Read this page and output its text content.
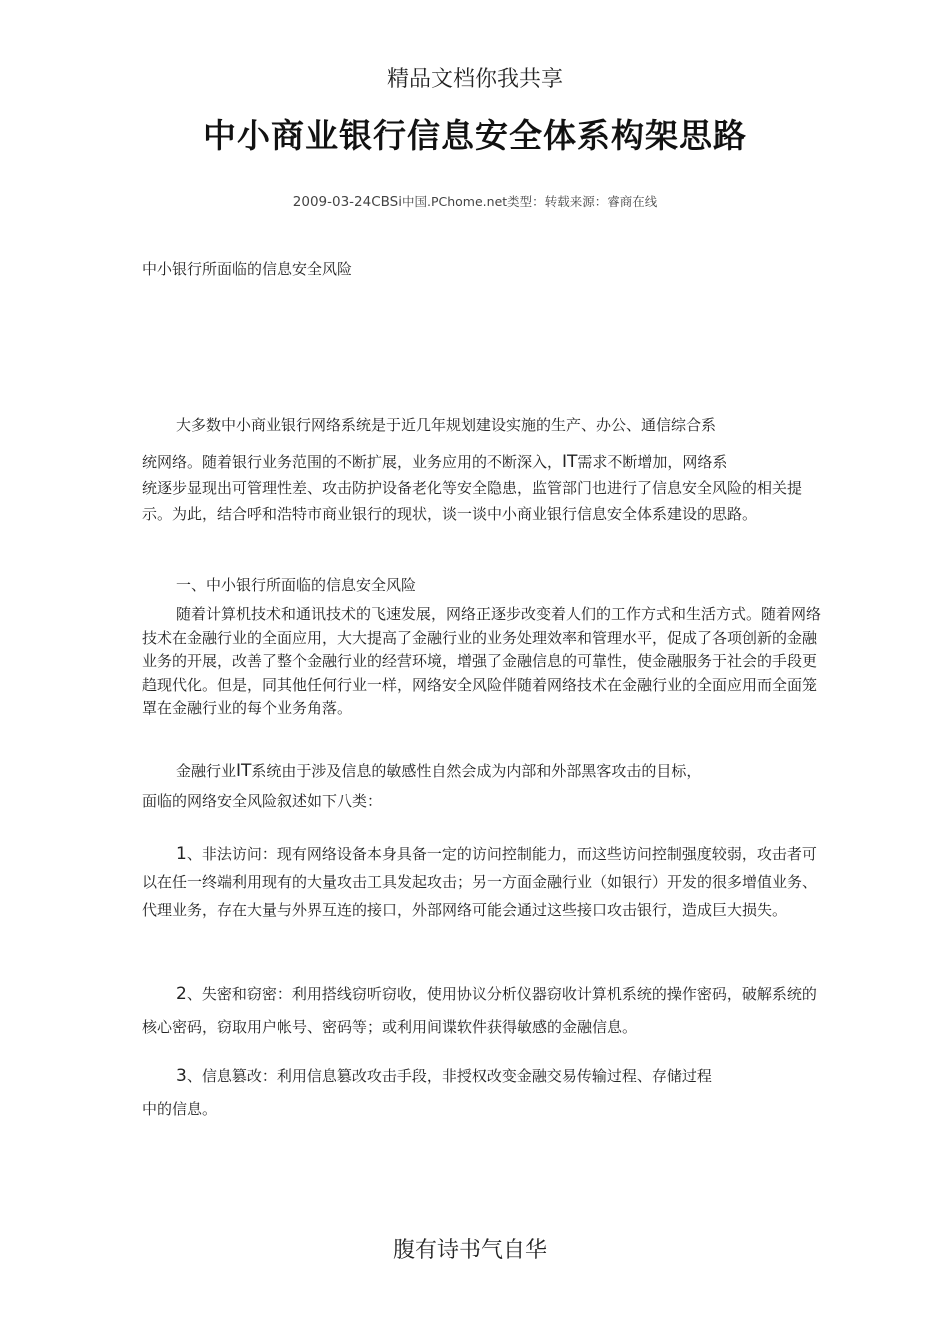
精品文档你我共享
中小商业银行信息安全体系构架思路
2009-03-24CBSi中国.PChome.net类型：转载来源：睿商在线

中小银行所面临的信息安全风险

大多数中小商业银行网络系统是于近几年规划建设实施的生产、办公、通信综合系

统网络。随着银行业务范围的不断扩展，业务应用的不断深入，IT需求不断增加，网络系

统逐步显现出可管理性差、攻击防护设备老化等安全隐患，监管部门也进行了信息安全风险的相关提示。为此，结合呼和浩特市商业银行的现状，谈一谈中小商业银行信息安全体系建设的思路。

一、中小银行所面临的信息安全风险

随着计算机技术和通讯技术的飞速发展，网络正逐步改变着人们的工作方式和生活方式。随着网络技术在金融行业的全面应用，大大提高了金融行业的业务处理效率和管理水平，促成了各项创新的金融业务的开展，改善了整个金融行业的经营环境，增强了金融信息的可靠性，使金融服务于社会的手段更趋现代化。但是，同其他任何行业一样，网络安全风险伴随着网络技术在金融行业的全面应用而全面笼罩在金融行业的每个业务角落。

金融行业IT系统由于涉及信息的敏感性自然会成为内部和外部黑客攻击的目标，

面临的网络安全风险叙述如下八类：

1、非法访问：现有网络设备本身具备一定的访问控制能力，而这些访问控制强度较弱，攻击者可以在任一终端利用现有的大量攻击工具发起攻击；另一方面金融行业（如银行）开发的很多增值业务、代理业务，存在大量与外界互连的接口，外部网络可能会通过这些接口攻击银行，造成巨大损失。

2、失密和窃密：利用搭线窃听窃收，使用协议分析仪器窃收计算机系统的操作密码，破解系统的核心密码，窃取用户帐号、密码等；或利用间谍软件获得敏感的金融信息。

3、信息篡改：利用信息篡改攻击手段，非授权改变金融交易传输过程、存储过程

中的信息。

腹有诗书气自华
